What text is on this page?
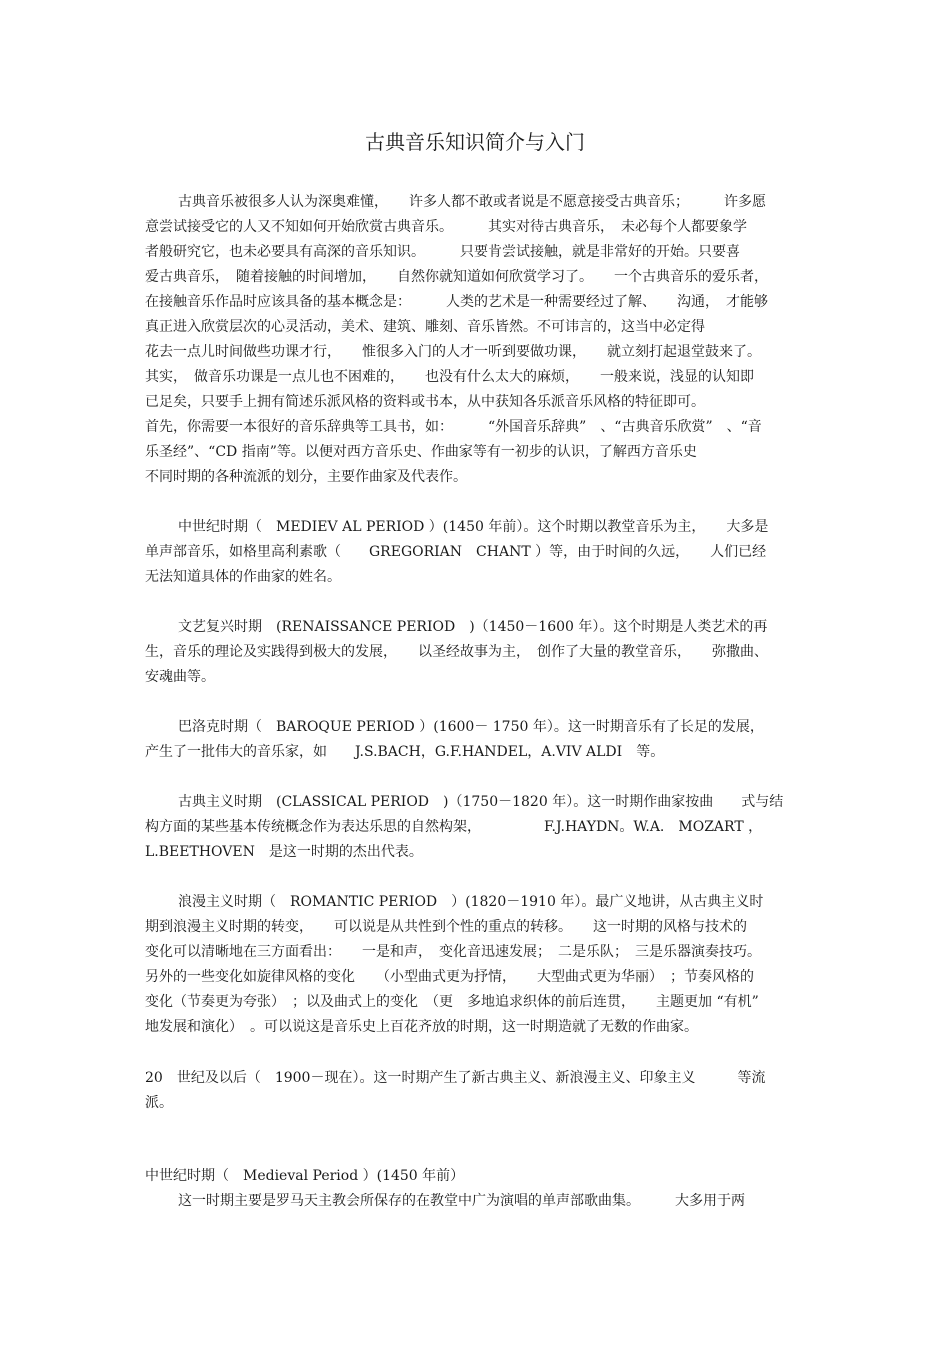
古典音乐知识简介与入门
古典音乐被很多人认为深奥难懂，　　许多人都不敢或者说是不愿意接受古典音乐；　　　许多愿
意尝试接受它的人又不知如何开始欣赏古典音乐。　　　其实对待古典音乐，　未必每个人都要象学
者般研究它，也未必要具有高深的音乐知识。　　　只要肯尝试接触，就是非常好的开始。只要喜
爱古典音乐，　随着接触的时间增加，　　自然你就知道如何欣赏学习了。　　一个古典音乐的爱乐者，
在接触音乐作品时应该具备的基本概念是：　　　人类的艺术是一种需要经过了解、　　沟通，　才能够
真正进入欣赏层次的心灵活动，美术、建筑、雕刻、音乐皆然。不可讳言的，这当中必定得
花去一点儿时间做些功课才行，　　惟很多入门的人才一听到要做功课，　　就立刻打起退堂鼓来了。
其实，　做音乐功课是一点儿也不困难的，　　也没有什么太大的麻烦，　　一般来说，浅显的认知即
已足矣，只要手上拥有简述乐派风格的资料或书本，从中获知各乐派音乐风格的特征即可。
首先，你需要一本很好的音乐辞典等工具书，如：　　　“外国音乐辞典”　、“古典音乐欣赏”　、“音
乐圣经”、“CD 指南”等。以便对西方音乐史、作曲家等有一初步的认识，了解西方音乐史
不同时期的各种流派的划分，主要作曲家及代表作。
中世纪时期（　MEDIEV AL PERIOD ）(1450 年前）。这个时期以教堂音乐为主，　　大多是
单声部音乐，如格里高利素歌（　　GREGORIAN　CHANT ）等，由于时间的久远，　　人们已经
无法知道具体的作曲家的姓名。
文艺复兴时期　(RENAISSANCE PERIOD　)（1450－1600 年）。这个时期是人类艺术的再
生，音乐的理论及实践得到极大的发展，　　以圣经故事为主，　创作了大量的教堂音乐，　　弥撒曲、
安魂曲等。
巴洛克时期（　BAROQUE PERIOD ）(1600－ 1750 年）。这一时期音乐有了长足的发展，
产生了一批伟大的音乐家，如　　J.S.BACH，G.F.HANDEL，A.VIV ALDI　等。
古典主义时期　(CLASSICAL PERIOD　)（1750－1820 年）。这一时期作曲家按曲　　式与结
构方面的某些基本传统概念作为表达乐思的自然构架，　　　　　F.J.HAYDN。W.A.　MOZART ，
L.BEETHOVEN　是这一时期的杰出代表。
浪漫主义时期（　ROMANTIC PERIOD　）(1820－1910 年）。最广义地讲，从古典主义时
期到浪漫主义时期的转变，　　可以说是从共性到个性的重点的转移。　　这一时期的风格与技术的
变化可以清晰地在三方面看出：　　一是和声，　变化音迅速发展；　二是乐队；　三是乐器演奏技巧。
另外的一些变化如旋律风格的变化　　（小型曲式更为抒情，　　大型曲式更为华丽）　；节奏风格的
变化（节奏更为夸张）　；以及曲式上的变化　（更　多地追求织体的前后连贯，　　主题更加 “有机”
地发展和演化）　。可以说这是音乐史上百花齐放的时期，这一时期造就了无数的作曲家。
20　世纪及以后（　1900－现在）。这一时期产生了新古典主义、新浪漫主义、印象主义　　　等流
派。
中世纪时期（　Medieval Period ）(1450 年前）
这一时期主要是罗马天主教会所保存的在教堂中广为演唱的单声部歌曲集。　　　大多用于两
